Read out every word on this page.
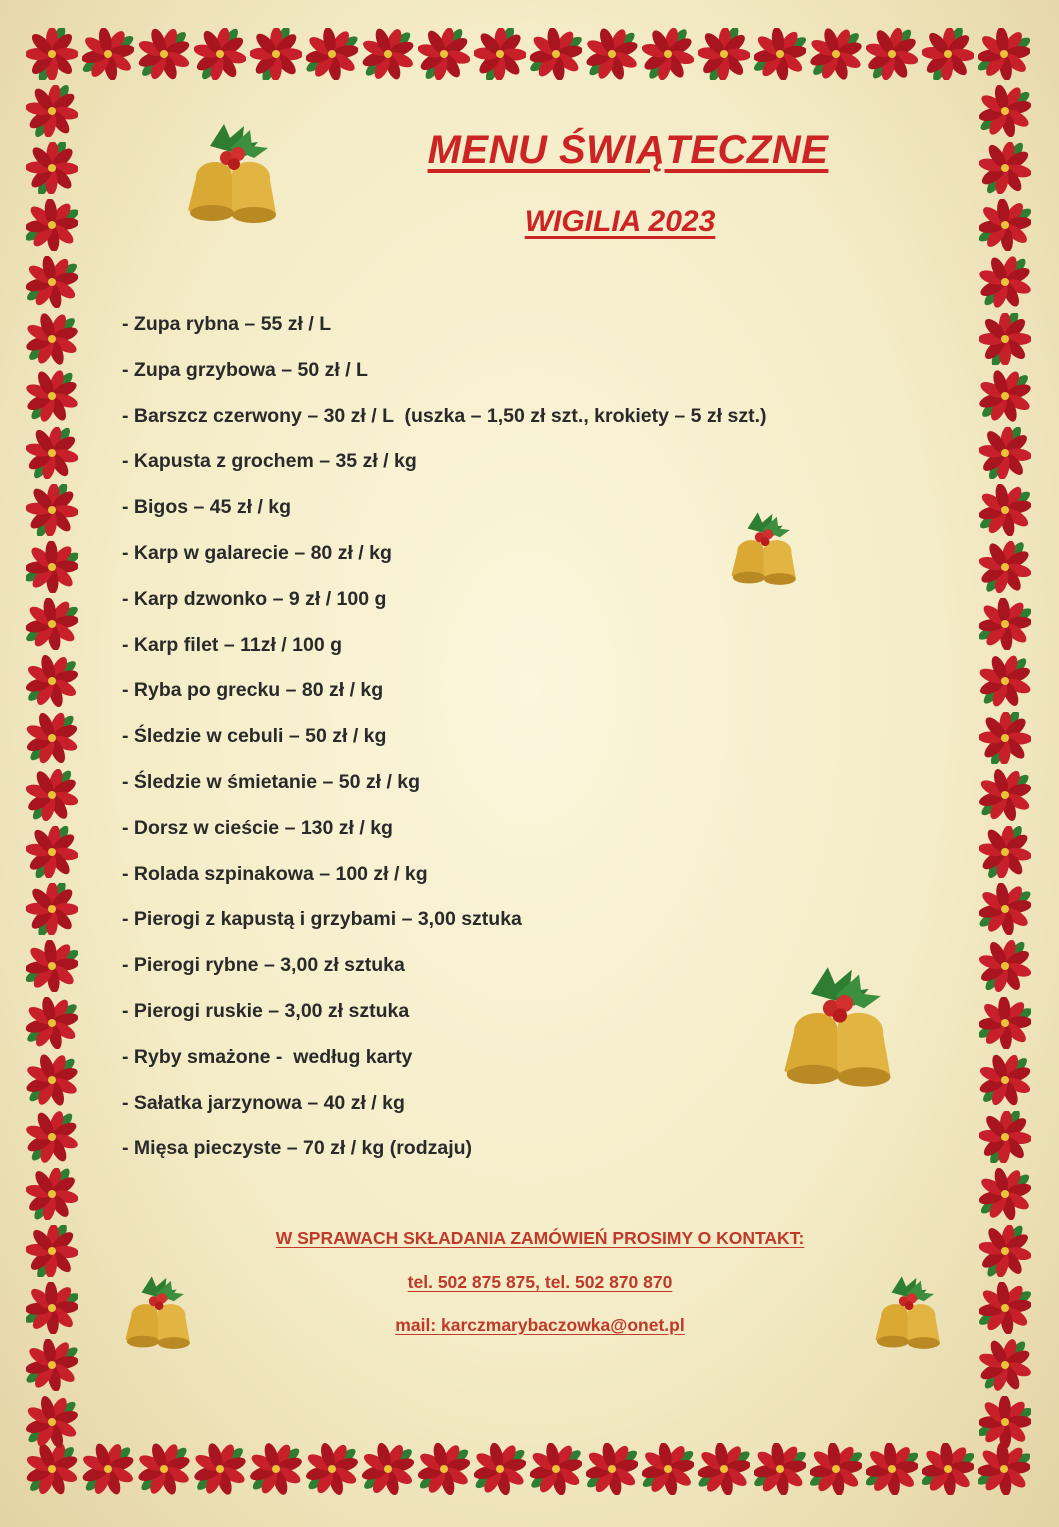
MENU ŚWIĄTECZNE
WIGILIA 2023
- Zupa rybna – 55 zł / L
- Zupa grzybowa – 50 zł / L
- Barszcz czerwony – 30 zł / L  (uszka – 1,50 zł szt., krokiety – 5 zł szt.)
- Kapusta z grochem – 35 zł / kg
- Bigos – 45 zł / kg
- Karp w galarecie – 80 zł / kg
- Karp dzwonko – 9 zł / 100 g
- Karp filet – 11zł / 100 g
- Ryba po grecku – 80 zł / kg
- Śledzie w cebuli – 50 zł / kg
- Śledzie w śmietanie – 50 zł / kg
- Dorsz w cieście – 130 zł / kg
- Rolada szpinakowa – 100 zł / kg
- Pierogi z kapustą i grzybami – 3,00 sztuka
- Pierogi rybne – 3,00 zł sztuka
- Pierogi ruskie – 3,00 zł sztuka
- Ryby smażone -  według karty
- Sałatka jarzynowa – 40 zł / kg
- Mięsa pieczyste – 70 zł / kg (rodzaju)
W SPRAWACH SKŁADANIA ZAMÓWIEŃ PROSIMY O KONTAKT:
tel. 502 875 875, tel. 502 870 870
mail: karczmarybaczowka@onet.pl
